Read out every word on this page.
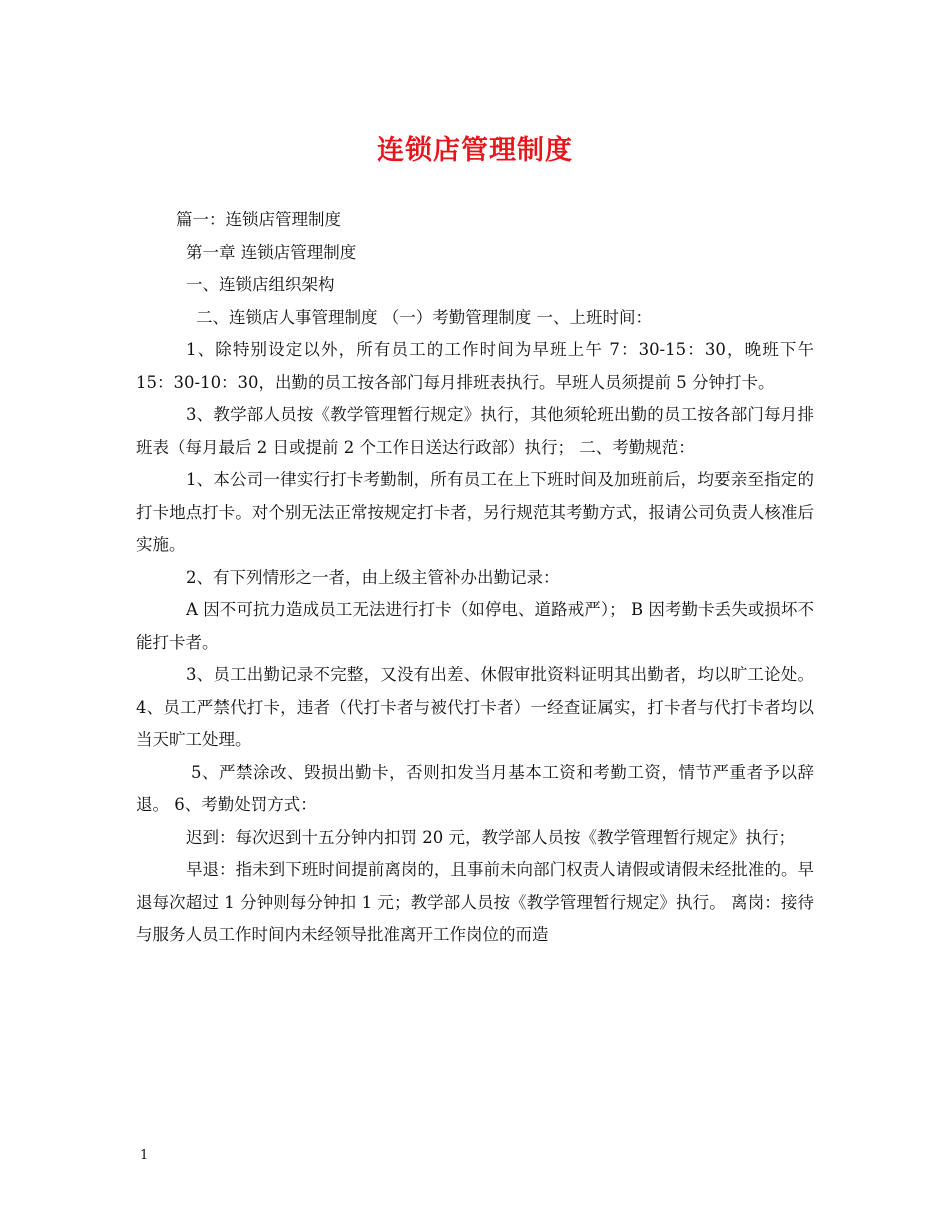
连锁店管理制度

篇一：连锁店管理制度

第一章 连锁店管理制度

一、连锁店组织架构

二、连锁店人事管理制度 （一）考勤管理制度 一、上班时间：

1、除特别设定以外，所有员工的工作时间为早班上午 7：30-15：30，晚班下午 15：30-10：30，出勤的员工按各部门每月排班表执行。早班人员须提前 5 分钟打卡。

3、教学部人员按《教学管理暂行规定》执行，其他须轮班出勤的员工按各部门每月排班表（每月最后 2 日或提前 2 个工作日送达行政部）执行； 二、考勤规范：

1、本公司一律实行打卡考勤制，所有员工在上下班时间及加班前后，均要亲至指定的打卡地点打卡。对个别无法正常按规定打卡者，另行规范其考勤方式，报请公司负责人核准后实施。

2、有下列情形之一者，由上级主管补办出勤记录：

A 因不可抗力造成员工无法进行打卡（如停电、道路戒严）； B 因考勤卡丢失或损坏不能打卡者。

3、员工出勤记录不完整，又没有出差、休假审批资料证明其出勤者，均以旷工论处。 4、员工严禁代打卡，违者（代打卡者与被代打卡者）一经查证属实，打卡者与代打卡者均以当天旷工处理。

5、严禁涂改、毁损出勤卡，否则扣发当月基本工资和考勤工资，情节严重者予以辞退。 6、考勤处罚方式：

迟到：每次迟到十五分钟内扣罚 20 元，教学部人员按《教学管理暂行规定》执行；

早退：指未到下班时间提前离岗的，且事前未向部门权责人请假或请假未经批准的。早退每次超过 1 分钟则每分钟扣 1 元；教学部人员按《教学管理暂行规定》执行。 离岗：接待与服务人员工作时间内未经领导批准离开工作岗位的而造

1
